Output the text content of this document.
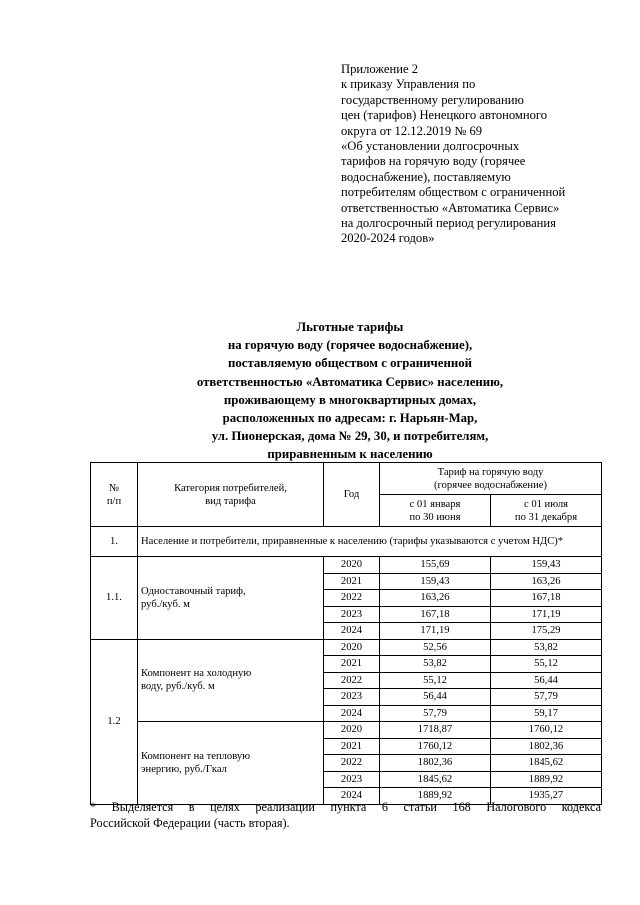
Приложение 2
к приказу Управления по
государственному регулированию
цен (тарифов) Ненецкого автономного
округа от 12.12.2019 № 69
«Об установлении долгосрочных
тарифов на горячую воду (горячее
водоснабжение), поставляемую
потребителям обществом с ограниченной
ответственностью «Автоматика Сервис»
на долгосрочный период регулирования
2020-2024 годов»
Льготные тарифы
на горячую воду (горячее водоснабжение),
поставляемую обществом с ограниченной
ответственностью «Автоматика Сервис» населению,
проживающему в многоквартирных домах,
расположенных по адресам: г. Нарьян-Мар,
ул. Пионерская, дома № 29, 30, и потребителям,
приравненным к населению
№
п/п	Категория потребителей,
вид тарифа	Год	Тариф на горячую воду
(горячее водоснабжение)	
			с 01 января
по 30 июня	с 01 июля
по 31 декабря
1.	Население и потребители, приравненные к населению (тарифы указываются с учетом НДС)*			
1.1.	Одноставочный тариф,
руб./куб. м	2020	155,69	159,43
		2021	159,43	163,26
		2022	163,26	167,18
		2023	167,18	171,19
		2024	171,19	175,29
1.2	Компонент на холодную
воду, руб./куб. м	2020	52,56	53,82
		2021	53,82	55,12
		2022	55,12	56,44
		2023	56,44	57,79
		2024	57,79	59,17
	Компонент на тепловую
энергию, руб./Гкал	2020	1718,87	1760,12
		2021	1760,12	1802,36
		2022	1802,36	1845,62
		2023	1845,62	1889,92
		2024	1889,92	1935,27
* Выделяется в целях реализации пункта 6 статьи 168 Налогового кодекса
Российской Федерации (часть вторая).
